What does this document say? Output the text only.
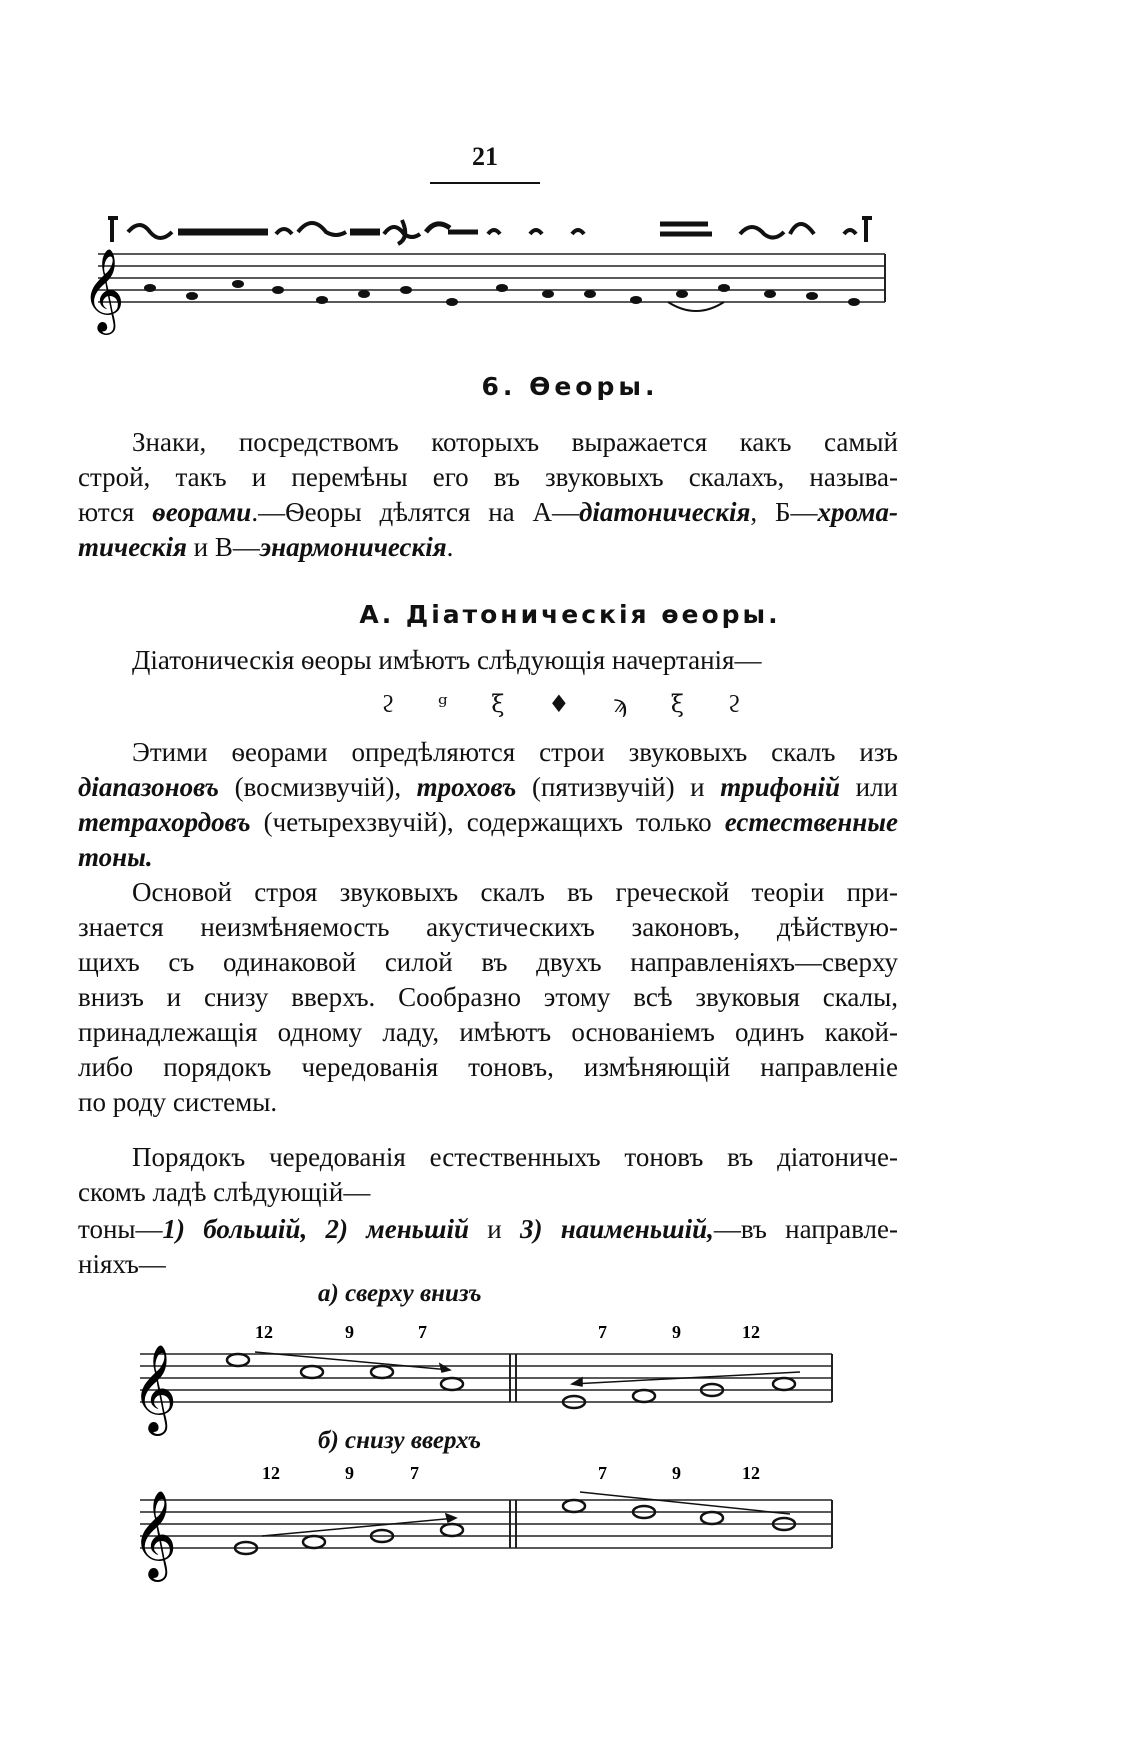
21
𝄞
6. Ѳеоры.
Знаки, посредствомъ которыхъ выражается какъ самый
строй, такъ и перемѣны его въ звуковыхъ скалахъ, называ-
ются ѳеорами.—Ѳеоры дѣлятся на А—діатоническія, Б—хрома-
тическія и В—энармоническія.
А. Діатоническія ѳеоры.
Діатоническія ѳеоры имѣютъ слѣдующія начертанія—
ϩ ᵍ ξ ♦ ϡ ξ ϩ
Этими ѳеорами опредѣляются строи звуковыхъ скалъ изъ
діапазоновъ (восмизвучій), троховъ (пятизвучій) и трифоній или
тетрахордовъ (четырехзвучій), содержащихъ только естественные
тоны.
Основой строя звуковыхъ скалъ въ греческой теоріи при-
знается неизмѣняемость акустическихъ законовъ, дѣйствую-
щихъ съ одинаковой силой въ двухъ направленіяхъ—сверху
внизъ и снизу вверхъ. Сообразно этому всѣ звуковыя скалы,
принадлежащія одному ладу, имѣютъ основаніемъ одинъ какой-
либо порядокъ чередованія тоновъ, измѣняющій направленіе
по роду системы.
Порядокъ чередованія естественныхъ тоновъ въ діатониче-
скомъ ладѣ слѣдующій—
тоны—1) большій, 2) меньшій и 3) наименьшій,—въ направле-
ніяхъ—
а) сверху внизъ
12	9	7	7	9	12
𝄞
б) снизу вверхъ
12	9	7	7	9	12
𝄞
